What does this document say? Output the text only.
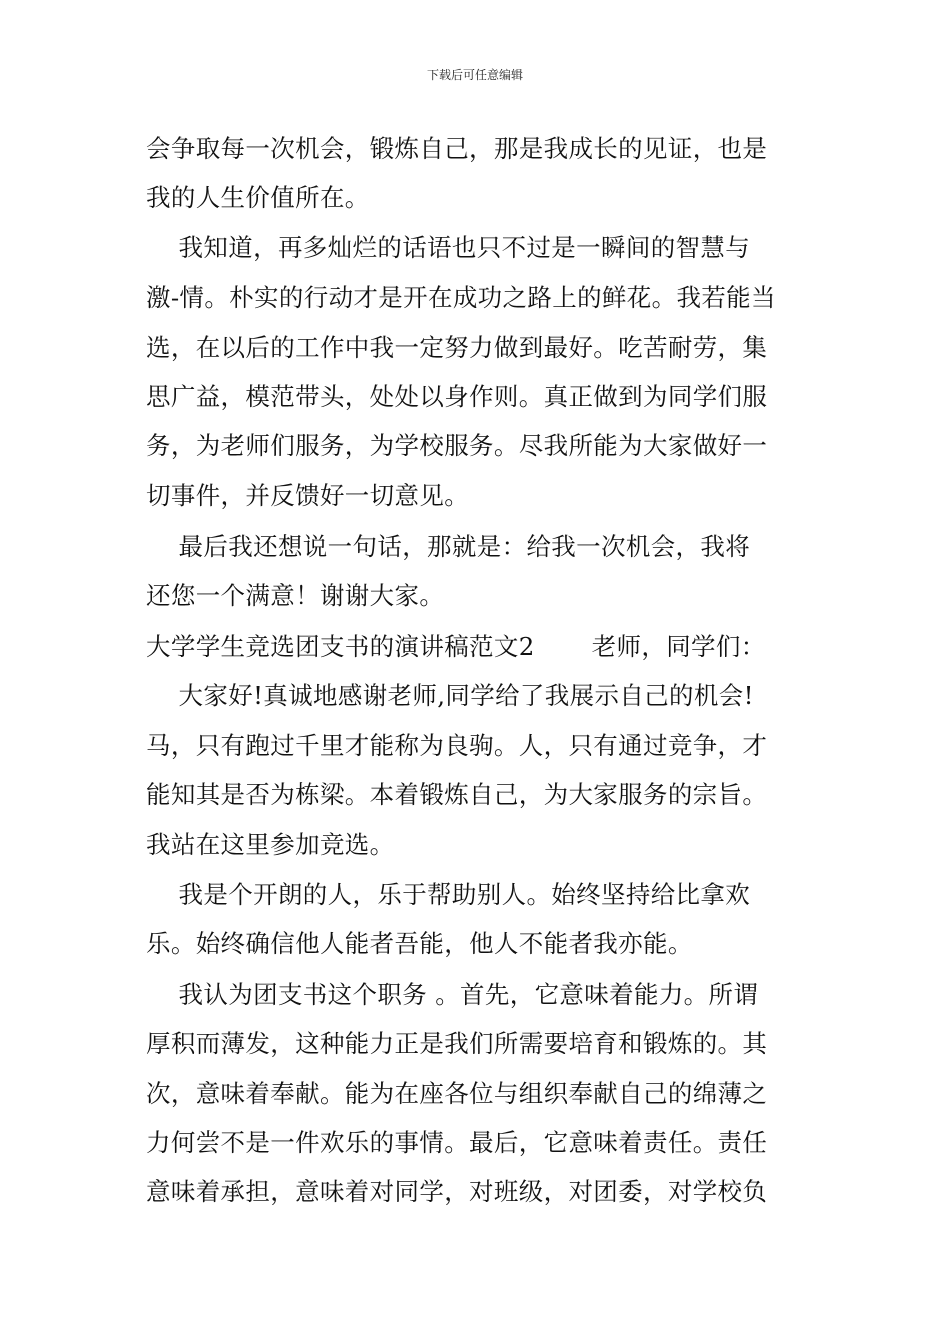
下载后可任意编辑
会争取每一次机会，锻炼自己，那是我成长的见证，也是
我的人生价值所在。
我知道，再多灿烂的话语也只不过是一瞬间的智慧与
激-情。朴实的行动才是开在成功之路上的鲜花。我若能当
选，在以后的工作中我一定努力做到最好。吃苦耐劳，集
思广益，模范带头，处处以身作则。真正做到为同学们服
务，为老师们服务，为学校服务。尽我所能为大家做好一
切事件，并反馈好一切意见。
最后我还想说一句话，那就是：给我一次机会，我将
还您一个满意！谢谢大家。
大学学生竞选团支书的演讲稿范文2       老师，同学们：
大家好!真诚地感谢老师,同学给了我展示自己的机会!
马，只有跑过千里才能称为良驹。人，只有通过竞争，才
能知其是否为栋梁。本着锻炼自己，为大家服务的宗旨。
我站在这里参加竞选。
我是个开朗的人，乐于帮助别人。始终坚持给比拿欢
乐。始终确信他人能者吾能，他人不能者我亦能。
我认为团支书这个职务 。首先，它意味着能力。所谓
厚积而薄发，这种能力正是我们所需要培育和锻炼的。其
次，意味着奉献。能为在座各位与组织奉献自己的绵薄之
力何尝不是一件欢乐的事情。最后，它意味着责任。责任
意味着承担，意味着对同学，对班级，对团委，对学校负
